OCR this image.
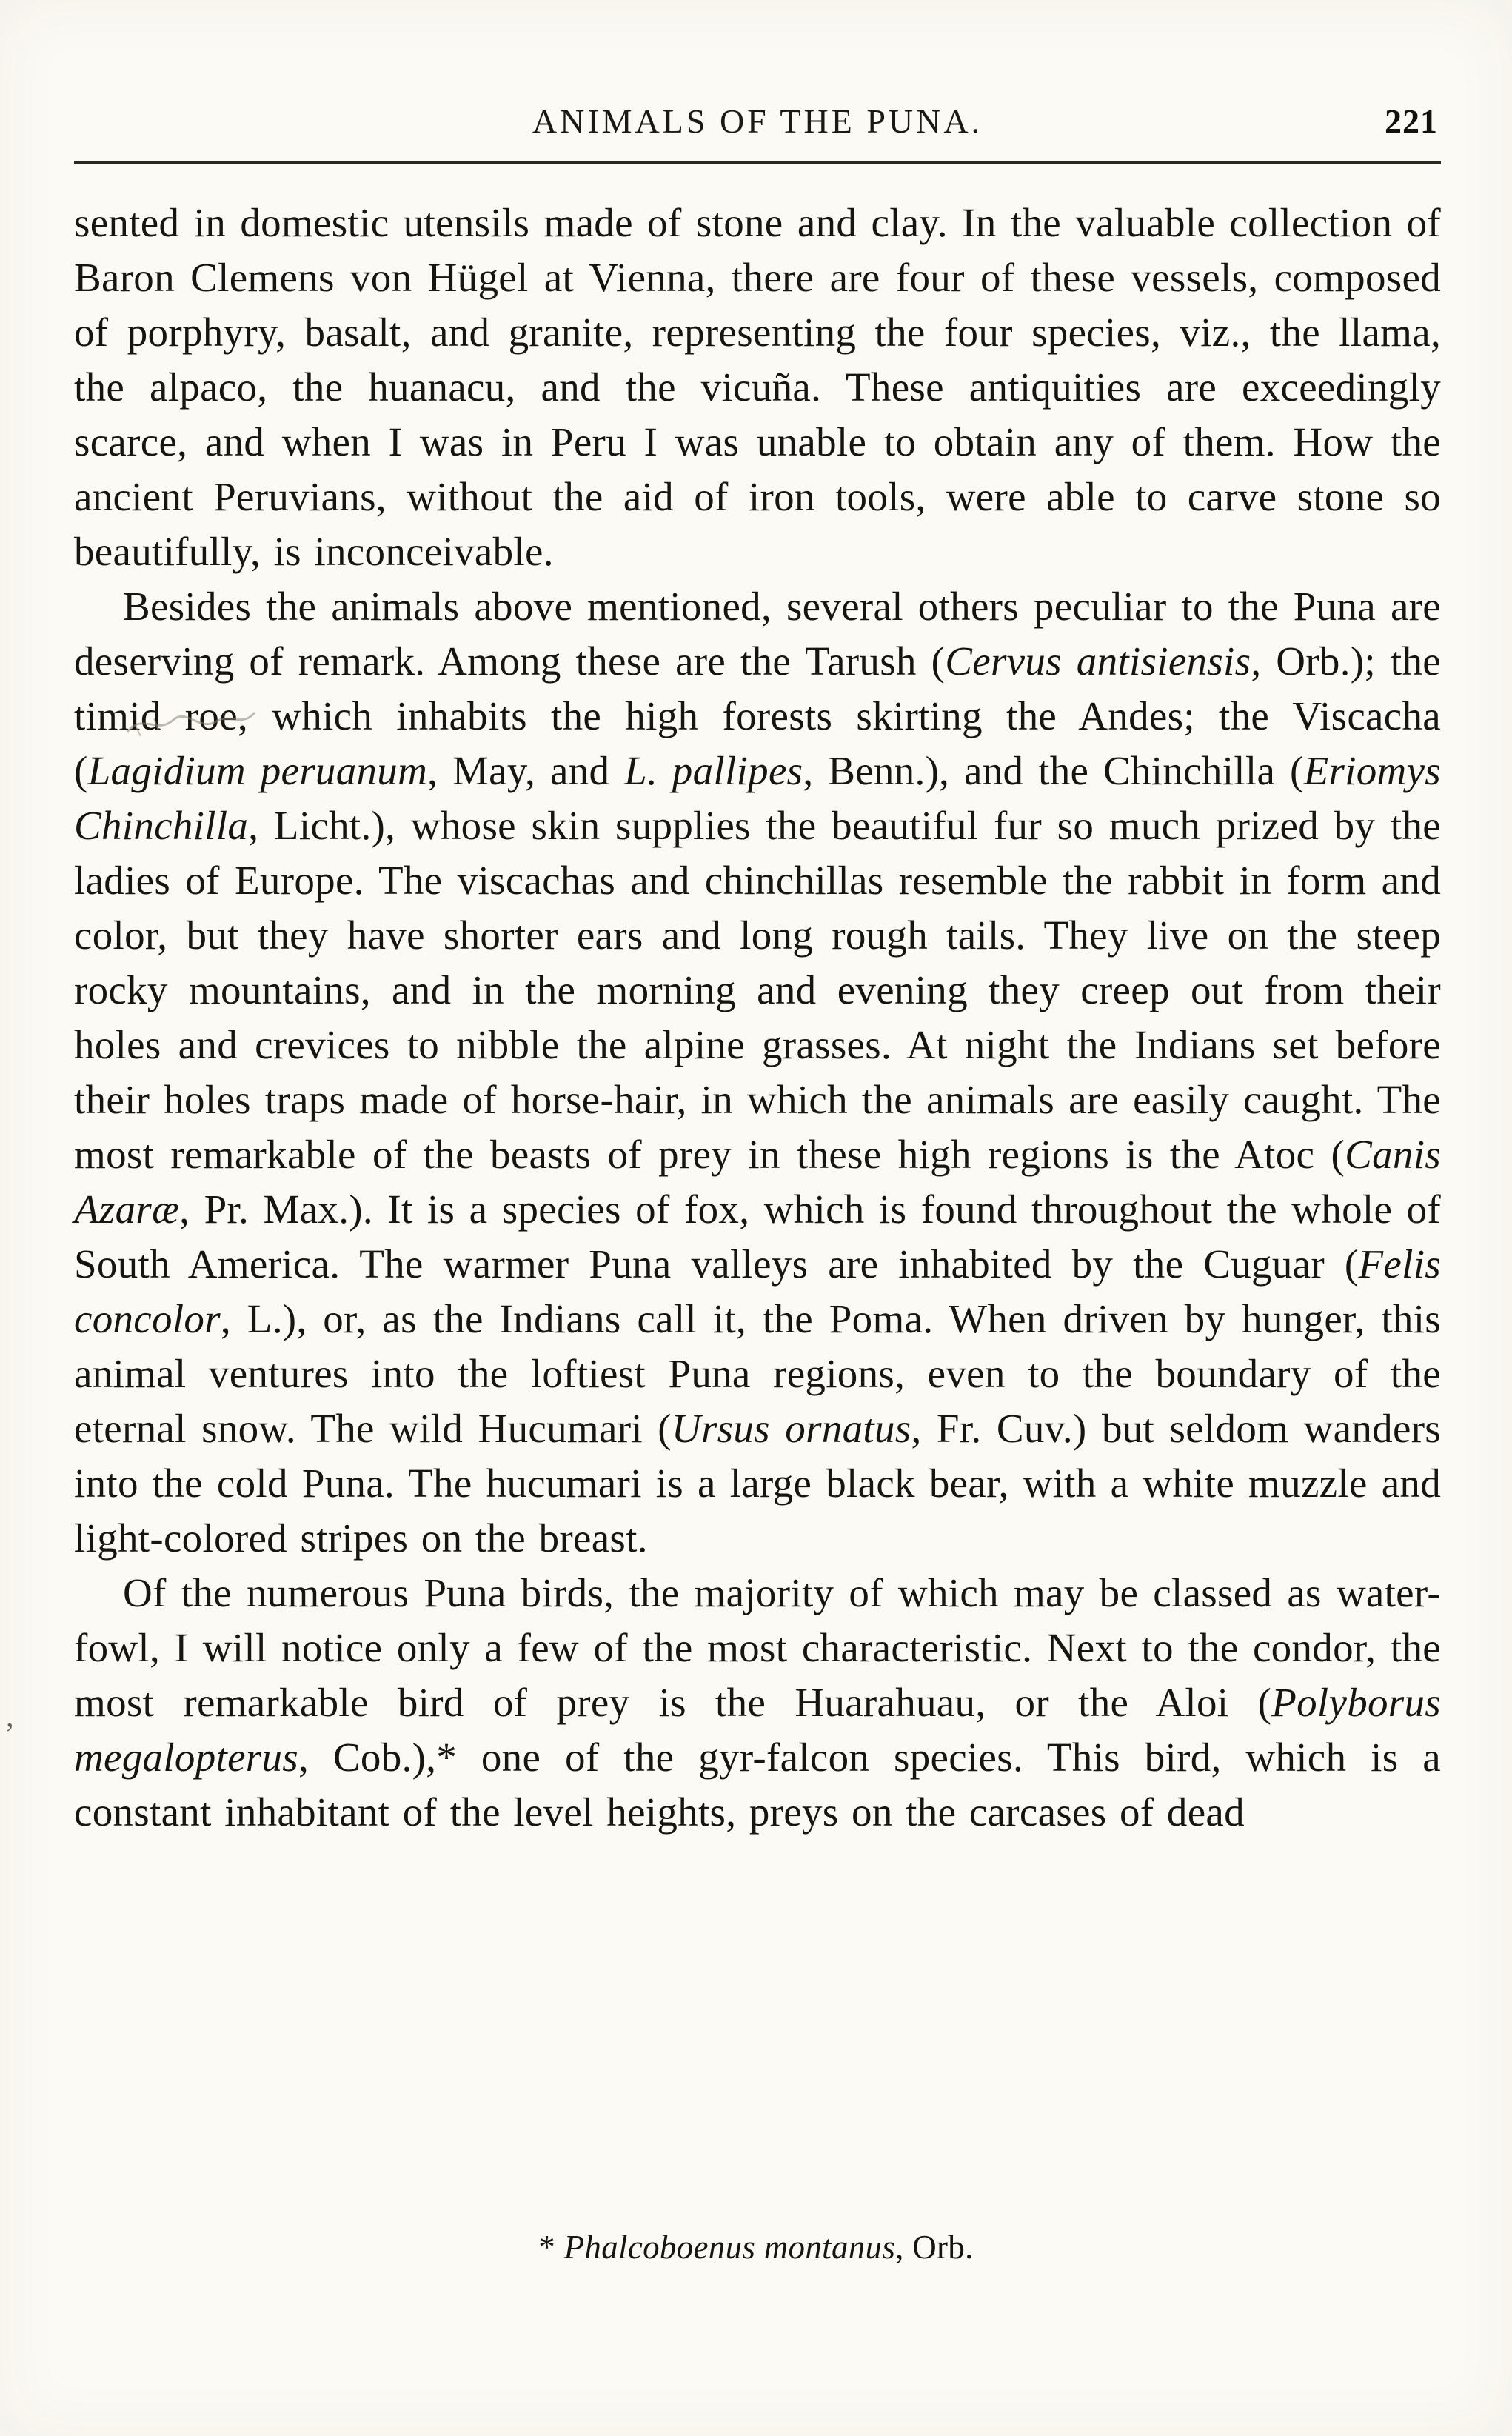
ANIMALS OF THE PUNA.	221

sented in domestic utensils made of stone and clay. In the valuable collection of Baron Clemens von Hügel at Vienna, there are four of these vessels, composed of porphyry, basalt, and granite, representing the four species, viz., the llama, the alpaco, the huanacu, and the vicuña. These antiquities are exceedingly scarce, and when I was in Peru I was unable to obtain any of them. How the ancient Peruvians, without the aid of iron tools, were able to carve stone so beautifully, is inconceivable.

Besides the animals above mentioned, several others peculiar to the Puna are deserving of remark. Among these are the Tarush (Cervus antisiensis, Orb.); the timid roe, which inhabits the high forests skirting the Andes; the Viscacha (Lagidium peruanum, May, and L. pallipes, Benn.), and the Chinchilla (Eriomys Chinchilla, Licht.), whose skin supplies the beautiful fur so much prized by the ladies of Europe. The viscachas and chinchillas resemble the rabbit in form and color, but they have shorter ears and long rough tails. They live on the steep rocky mountains, and in the morning and evening they creep out from their holes and crevices to nibble the alpine grasses. At night the Indians set before their holes traps made of horse-hair, in which the animals are easily caught. The most remarkable of the beasts of prey in these high regions is the Atoc (Canis Azaræ, Pr. Max.). It is a species of fox, which is found throughout the whole of South America. The warmer Puna valleys are inhabited by the Cuguar (Felis concolor, L.), or, as the Indians call it, the Poma. When driven by hunger, this animal ventures into the loftiest Puna regions, even to the boundary of the eternal snow. The wild Hucumari (Ursus ornatus, Fr. Cuv.) but seldom wanders into the cold Puna. The hucumari is a large black bear, with a white muzzle and light-colored stripes on the breast.

Of the numerous Puna birds, the majority of which may be classed as water-fowl, I will notice only a few of the most characteristic. Next to the condor, the most remarkable bird of prey is the Huarahuau, or the Aloi (Polyborus megalopterus, Cob.),* one of the gyr-falcon species. This bird, which is a constant inhabitant of the level heights, preys on the carcases of dead

* Phalcoboenus montanus, Orb.
’
